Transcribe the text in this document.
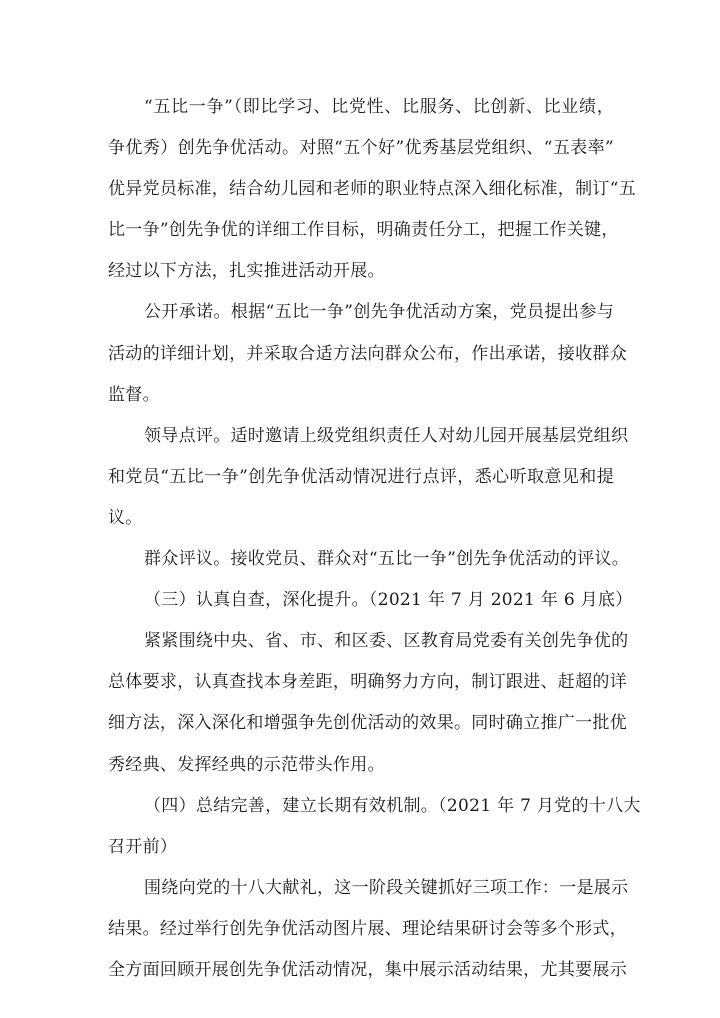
“五比一争”（即比学习、比党性、比服务、比创新、比业绩，
争优秀）创先争优活动。对照“五个好”优秀基层党组织、“五表率”
优异党员标准，结合幼儿园和老师的职业特点深入细化标准，制订“五
比一争”创先争优的详细工作目标，明确责任分工，把握工作关键，
经过以下方法，扎实推进活动开展。
公开承诺。根据“五比一争”创先争优活动方案，党员提出参与
活动的详细计划，并采取合适方法向群众公布，作出承诺，接收群众
监督。
领导点评。适时邀请上级党组织责任人对幼儿园开展基层党组织
和党员“五比一争”创先争优活动情况进行点评，悉心听取意见和提
议。
群众评议。接收党员、群众对“五比一争”创先争优活动的评议。
（三）认真自查，深化提升。（2021 年 7 月 2021 年 6 月底）
紧紧围绕中央、省、市、和区委、区教育局党委有关创先争优的
总体要求，认真查找本身差距，明确努力方向，制订跟进、赶超的详
细方法，深入深化和增强争先创优活动的效果。同时确立推广一批优
秀经典、发挥经典的示范带头作用。
（四）总结完善，建立长期有效机制。（2021 年 7 月党的十八大
召开前）
围绕向党的十八大献礼，这一阶段关键抓好三项工作：一是展示
结果。经过举行创先争优活动图片展、理论结果研讨会等多个形式，
全方面回顾开展创先争优活动情况，集中展示活动结果，尤其要展示
